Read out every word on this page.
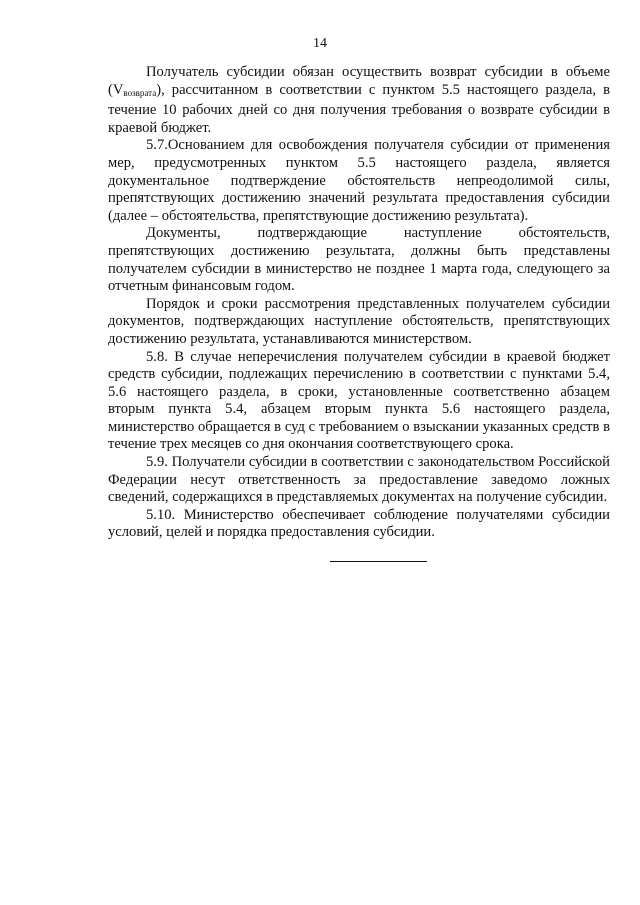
14

Получатель субсидии обязан осуществить возврат субсидии в объеме $(V_{возврата})$, рассчитанном в соответствии с пунктом 5.5 настоящего раздела, в течение 10 рабочих дней со дня получения требования о возврате субсидии в краевой бюджет.

5.7.Основанием для освобождения получателя субсидии от применения мер, предусмотренных пунктом 5.5 настоящего раздела, является документальное подтверждение обстоятельств непреодолимой силы, препятствующих достижению значений результата предоставления субсидии (далее – обстоятельства, препятствующие достижению результата).

Документы, подтверждающие наступление обстоятельств, препятствующих достижению результата, должны быть представлены получателем субсидии в министерство не позднее 1 марта года, следующего за отчетным финансовым годом.

Порядок и сроки рассмотрения представленных получателем субсидии документов, подтверждающих наступление обстоятельств, препятствующих достижению результата, устанавливаются министерством.

5.8. В случае неперечисления получателем субсидии в краевой бюджет средств субсидии, подлежащих перечислению в соответствии с пунктами 5.4, 5.6 настоящего раздела, в сроки, установленные соответственно абзацем вторым пункта 5.4, абзацем вторым пункта 5.6 настоящего раздела, министерство обращается в суд с требованием о взыскании указанных средств в течение трех месяцев со дня окончания соответствующего срока.

5.9. Получатели субсидии в соответствии с законодательством Российской Федерации несут ответственность за предоставление заведомо ложных сведений, содержащихся в представляемых документах на получение субсидии.

5.10. Министерство обеспечивает соблюдение получателями субсидии условий, целей и порядка предоставления субсидии.
